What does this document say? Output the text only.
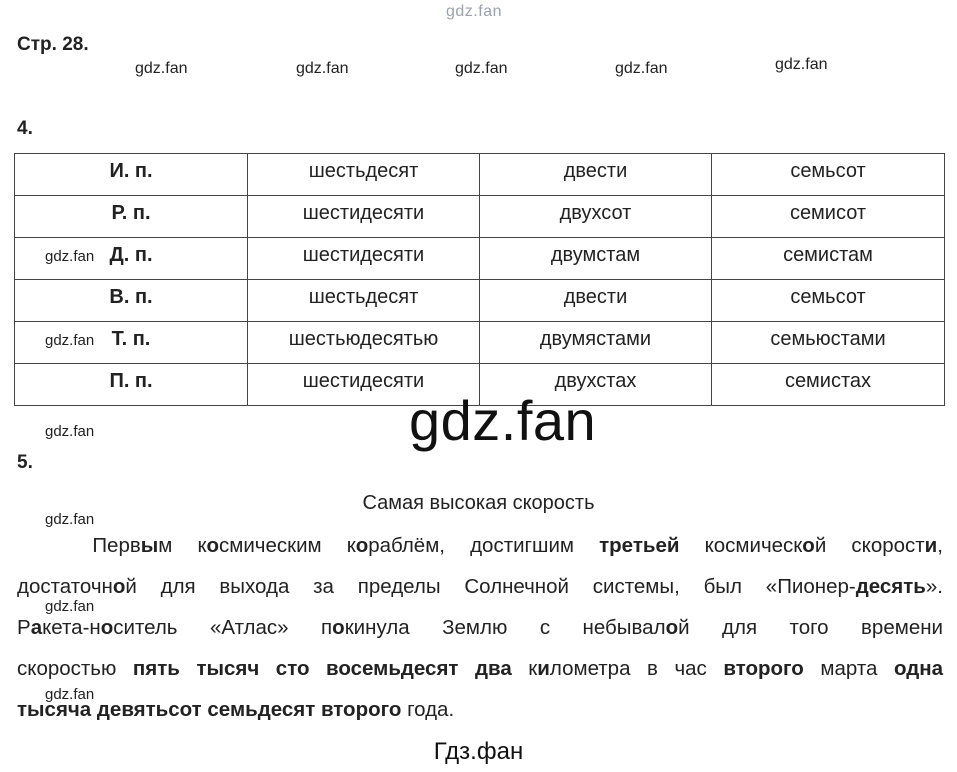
gdz.fan
Стр. 28.
gdz.fan	gdz.fan	gdz.fan	gdz.fan	gdz.fan
4.
И. п.	шестьдесят	двести	семьсот

Р. п.	шестидесяти	двухсот	семисот

gdz.fan Д. п.	шестидесяти	двумстам	семистам

В. п.	шестьдесят	двести	семьсот

gdz.fan Т. п.	шестьюдесятью	двумястами	семьюстами

П. п.	шестидесяти	двухстах	семистах
gdz.fan
gdz.fan
5.
Самая высокая скорость
gdz.fan
gdz.fan
gdz.fan
Первым космическим кораблём, достигшим третьей космической скорости,
достаточной для выхода за пределы Солнечной системы, был «Пионер-десять».
Ракета-носитель «Атлас» покинула Землю с небывалой для того времени
скоростью пять тысяч сто восемьдесят два километра в час второго марта одна
тысяча девятьсот семьдесят второго года.
Гдз.фан
